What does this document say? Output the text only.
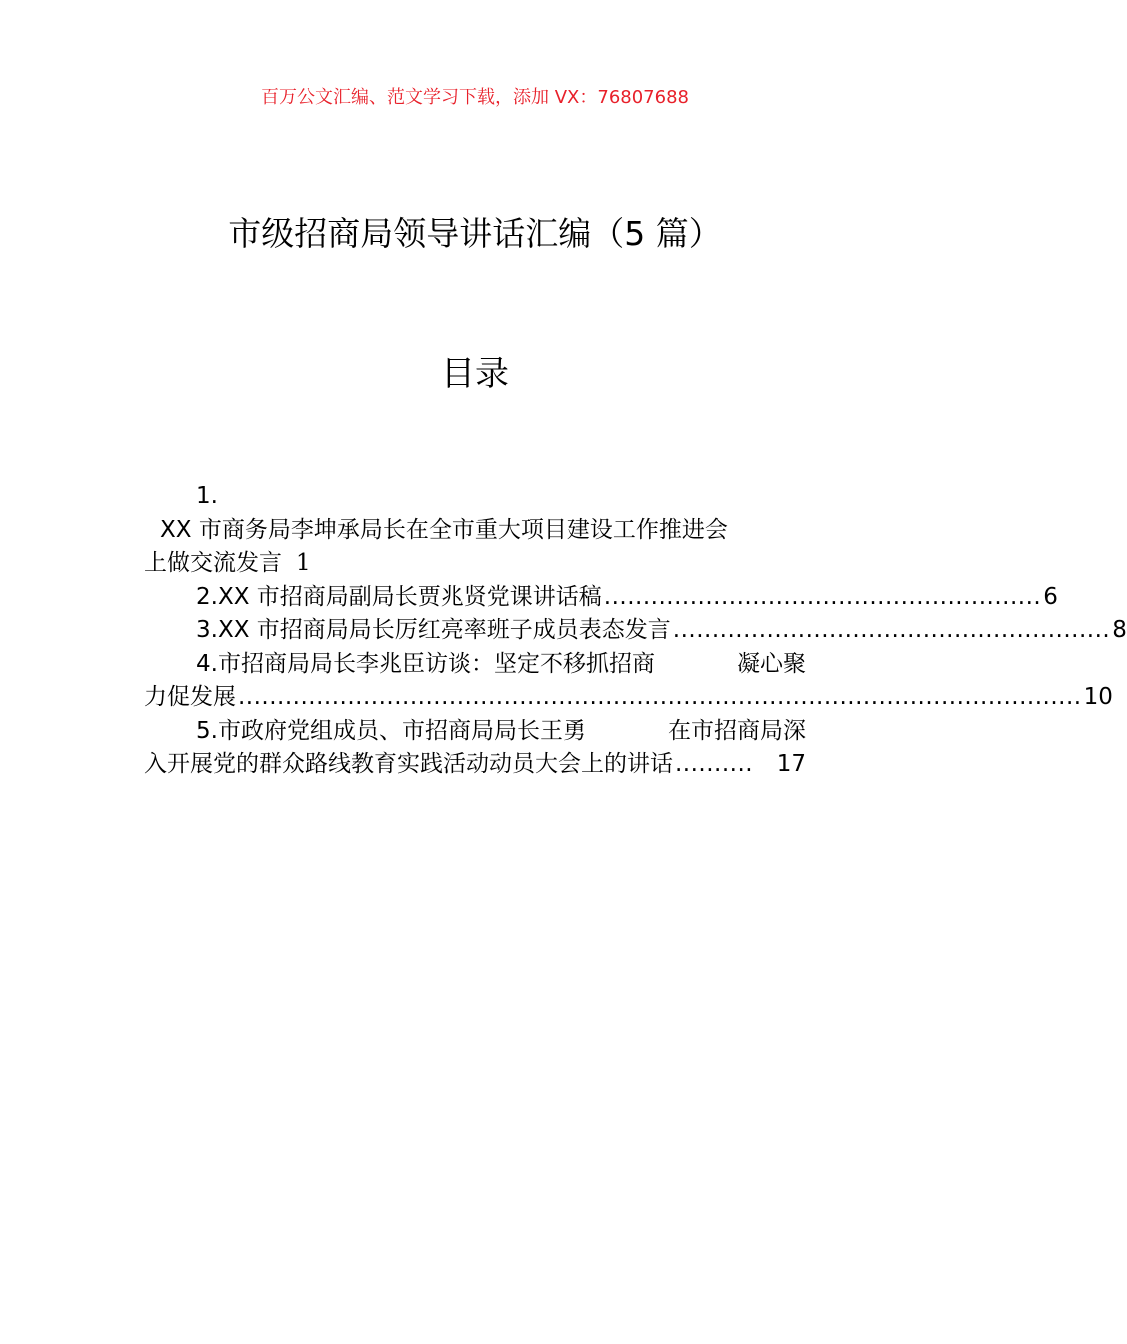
百万公文汇编、范文学习下载，添加 VX：76807688
市级招商局领导讲话汇编（5 篇）
目录
1.
XX 市商务局李坤承局长在全市重大项目建设工作推进会
上做交流发言 1
2.XX 市招商局副局长贾兆贤党课讲话稿 ........................................................ 6
3.XX 市招商局局长厉红亮率班子成员表态发言 ........................................................ 8
4.市招商局局长李兆臣访谈：坚定不移抓招商	凝心聚
力促发展 ............................................................................................................ 10
5.市政府党组成员、市招商局局长王勇	在市招商局深
入开展党的群众路线教育实践活动动员大会上的讲话 ..........	17
